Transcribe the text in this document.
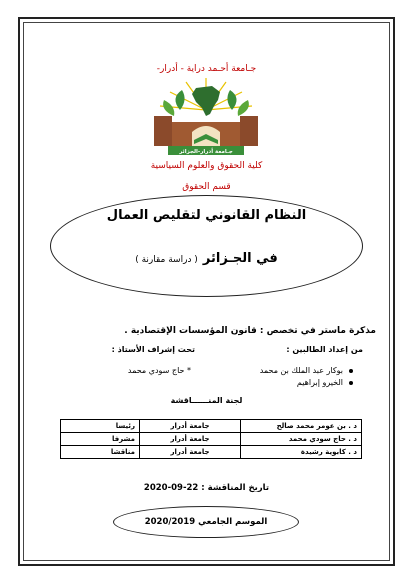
جـامعة أحـمد دراية - أدرار-
جـامعة أدرار-الجزائر
كلية الحقوق والعلوم السياسية
قسم الحقوق
النظام القانوني لتقليص العمال
في الجـزائر ( دراسة مقارنة )
مذكرة ماستر في تخصص : قانون المؤسسات الإقتصادية .
من إعداد الطالبين :
تحت إشراف الأستاذ :
بوكار عبد الملك بن محمد
الخيرو إبراهيم
* حاج سودي محمد
لجنة المنــــــاقشة
د . بن عومر محمد صالح	جامعة أدرار	رئيسا
د . حاج سودي محمد	جامعة أدرار	مشرفا
د . كابوية رشيدة	جامعة أدرار	مناقشا
تاريخ المناقشة : 22-09-2020
الموسم الجامعي 2020/2019
